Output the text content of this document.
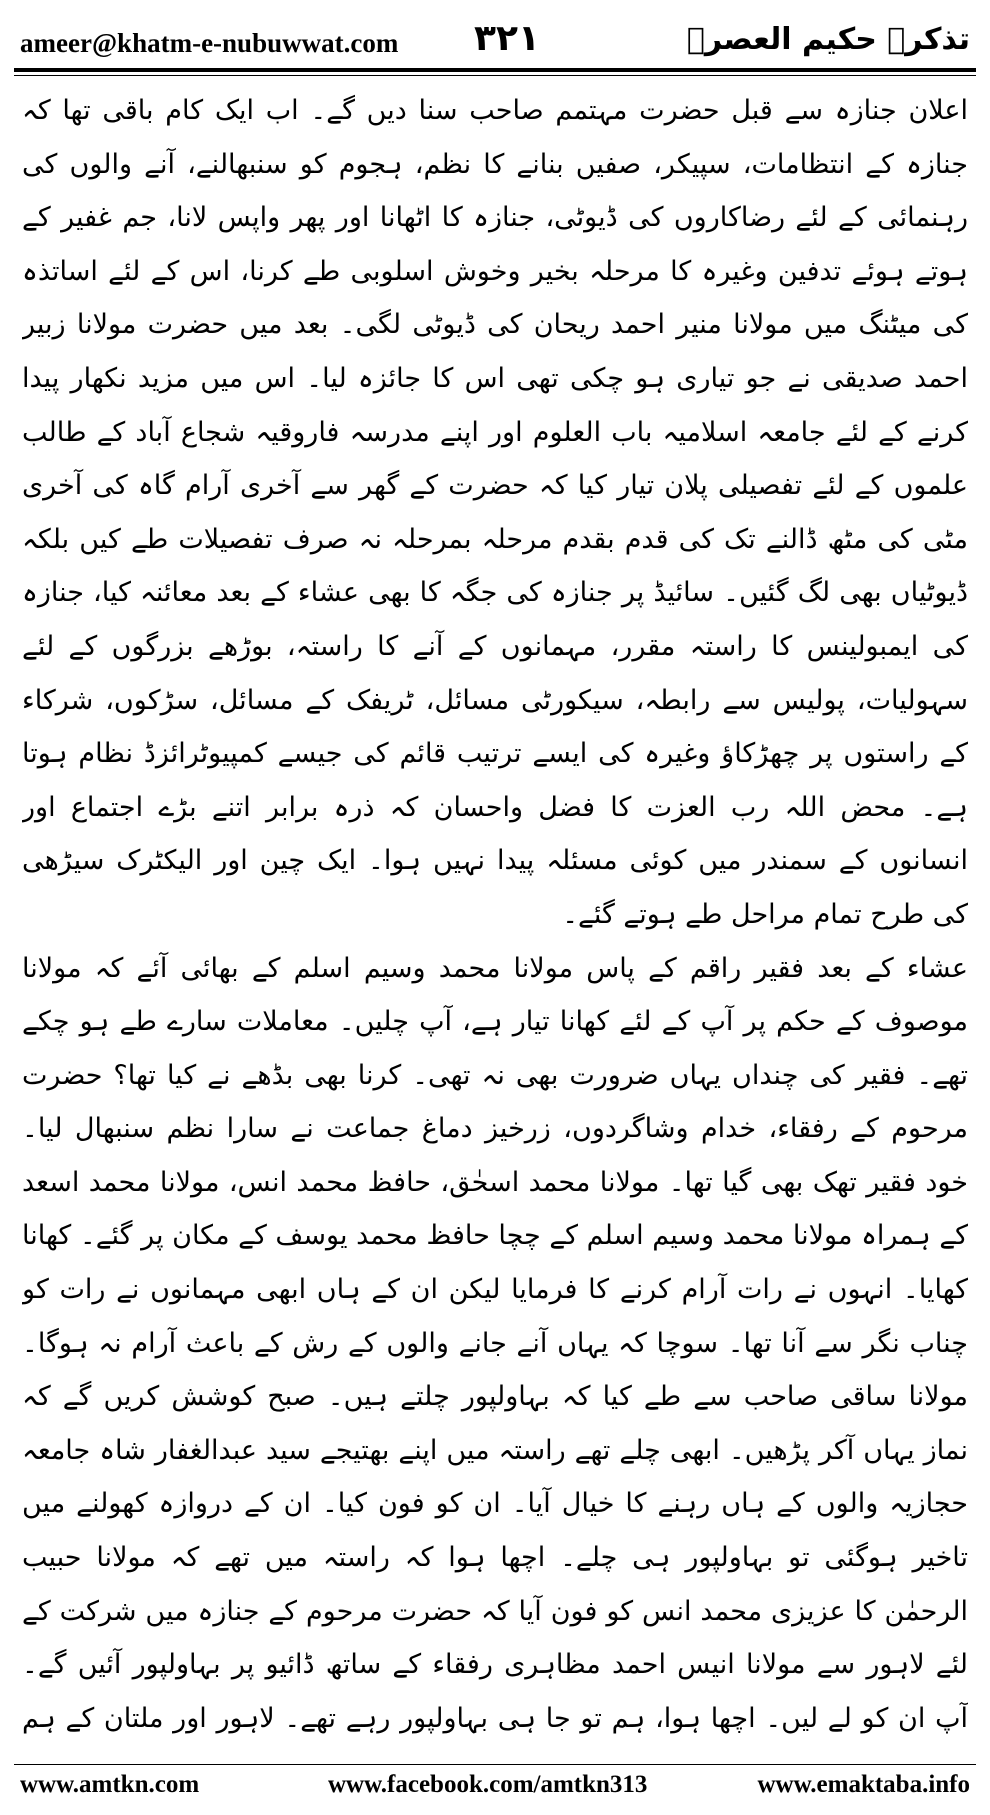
ameer@khatm-e-nubuwwat.com ۳۲۱	تذکرہ حکیم العصرؒ

اعلان جنازہ سے قبل حضرت مہتمم صاحب سنا دیں گے۔ اب ایک کام باقی تھا کہ جنازہ کے انتظامات، سپیکر، صفیں بنانے کا نظم، ہجوم کو سنبھالنے، آنے والوں کی رہنمائی کے لئے رضاکاروں کی ڈیوٹی، جنازہ کا اٹھانا اور پھر واپس لانا، جم غفیر کے ہوتے ہوئے تدفین وغیرہ کا مرحلہ بخیر وخوش اسلوبی طے کرنا، اس کے لئے اساتذہ کی میٹنگ میں مولانا منیر احمد ریحان کی ڈیوٹی لگی۔ بعد میں حضرت مولانا زبیر احمد صدیقی نے جو تیاری ہو چکی تھی اس کا جائزہ لیا۔ اس میں مزید نکھار پیدا کرنے کے لئے جامعہ اسلامیہ باب العلوم اور اپنے مدرسہ فاروقیہ شجاع آباد کے طالب علموں کے لئے تفصیلی پلان تیار کیا کہ حضرت کے گھر سے آخری آرام گاہ کی آخری مٹی کی مٹھ ڈالنے تک کی قدم بقدم مرحلہ بمرحلہ نہ صرف تفصیلات طے کیں بلکہ ڈیوٹیاں بھی لگ گئیں۔ سائیڈ پر جنازہ کی جگہ کا بھی عشاء کے بعد معائنہ کیا، جنازہ کی ایمبولینس کا راستہ مقرر، مہمانوں کے آنے کا راستہ، بوڑھے بزرگوں کے لئے سہولیات، پولیس سے رابطہ، سیکورٹی مسائل، ٹریفک کے مسائل، سڑکوں، شرکاء کے راستوں پر چھڑکاؤ وغیرہ کی ایسے ترتیب قائم کی جیسے کمپیوٹرائزڈ نظام ہوتا ہے۔ محض اللہ رب العزت کا فضل واحسان کہ ذرہ برابر اتنے بڑے اجتماع اور انسانوں کے سمندر میں کوئی مسئلہ پیدا نہیں ہوا۔ ایک چین اور الیکٹرک سیڑھی کی طرح تمام مراحل طے ہوتے گئے۔

عشاء کے بعد فقیر راقم کے پاس مولانا محمد وسیم اسلم کے بھائی آئے کہ مولانا موصوف کے حکم پر آپ کے لئے کھانا تیار ہے، آپ چلیں۔ معاملات سارے طے ہو چکے تھے۔ فقیر کی چنداں یہاں ضرورت بھی نہ تھی۔ کرنا بھی بڈھے نے کیا تھا؟ حضرت مرحوم کے رفقاء، خدام وشاگردوں، زرخیز دماغ جماعت نے سارا نظم سنبھال لیا۔ خود فقیر تھک بھی گیا تھا۔ مولانا محمد اسحٰق، حافظ محمد انس، مولانا محمد اسعد کے ہمراہ مولانا محمد وسیم اسلم کے چچا حافظ محمد یوسف کے مکان پر گئے۔ کھانا کھایا۔ انہوں نے رات آرام کرنے کا فرمایا لیکن ان کے ہاں ابھی مہمانوں نے رات کو چناب نگر سے آنا تھا۔ سوچا کہ یہاں آنے جانے والوں کے رش کے باعث آرام نہ ہوگا۔ مولانا ساقی صاحب سے طے کیا کہ بہاولپور چلتے ہیں۔ صبح کوشش کریں گے کہ نماز یہاں آکر پڑھیں۔ ابھی چلے تھے راستہ میں اپنے بھتیجے سید عبدالغفار شاہ جامعہ حجازیہ والوں کے ہاں رہنے کا خیال آیا۔ ان کو فون کیا۔ ان کے دروازہ کھولنے میں تاخیر ہوگئی تو بہاولپور ہی چلے۔ اچھا ہوا کہ راستہ میں تھے کہ مولانا حبیب الرحمٰن کا عزیزی محمد انس کو فون آیا کہ حضرت مرحوم کے جنازہ میں شرکت کے لئے لاہور سے مولانا انیس احمد مظاہری رفقاء کے ساتھ ڈائیو پر بہاولپور آئیں گے۔ آپ ان کو لے لیں۔ اچھا ہوا، ہم تو جا ہی بہاولپور رہے تھے۔ لاہور اور ملتان کے ہم

www.amtkn.com	www.facebook.com/amtkn313	www.emaktaba.info
